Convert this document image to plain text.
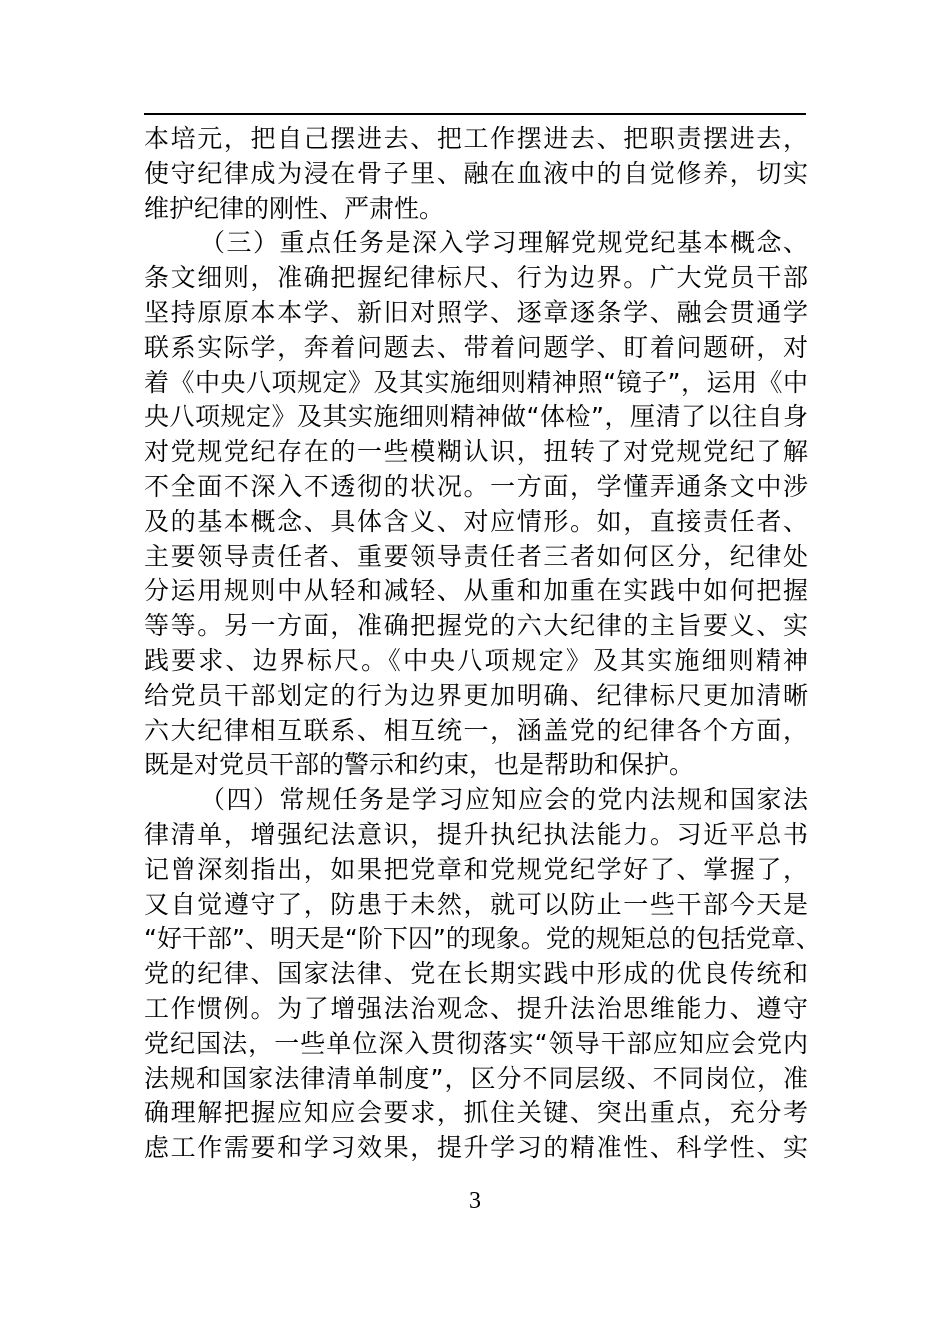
本培元，把自己摆进去、把工作摆进去、把职责摆进去，
使守纪律成为浸在骨子里、融在血液中的自觉修养，切实
维护纪律的刚性、严肃性。
（三）重点任务是深入学习理解党规党纪基本概念、
条文细则，准确把握纪律标尺、行为边界。广大党员干部
坚持原原本本学、新旧对照学、逐章逐条学、融会贯通学
联系实际学，奔着问题去、带着问题学、盯着问题研，对
着《中央八项规定》及其实施细则精神照“镜子”，运用《中
央八项规定》及其实施细则精神做“体检”，厘清了以往自身
对党规党纪存在的一些模糊认识，扭转了对党规党纪了解
不全面不深入不透彻的状况。一方面，学懂弄通条文中涉
及的基本概念、具体含义、对应情形。如，直接责任者、
主要领导责任者、重要领导责任者三者如何区分，纪律处
分运用规则中从轻和减轻、从重和加重在实践中如何把握
等等。另一方面，准确把握党的六大纪律的主旨要义、实
践要求、边界标尺。《中央八项规定》及其实施细则精神
给党员干部划定的行为边界更加明确、纪律标尺更加清晰
六大纪律相互联系、相互统一，涵盖党的纪律各个方面，
既是对党员干部的警示和约束，也是帮助和保护。
（四）常规任务是学习应知应会的党内法规和国家法
律清单，增强纪法意识，提升执纪执法能力。习近平总书
记曾深刻指出，如果把党章和党规党纪学好了、掌握了，
又自觉遵守了，防患于未然，就可以防止一些干部今天是
“好干部”、明天是“阶下囚”的现象。党的规矩总的包括党章、
党的纪律、国家法律、党在长期实践中形成的优良传统和
工作惯例。为了增强法治观念、提升法治思维能力、遵守
党纪国法，一些单位深入贯彻落实“领导干部应知应会党内
法规和国家法律清单制度”，区分不同层级、不同岗位，准
确理解把握应知应会要求，抓住关键、突出重点，充分考
虑工作需要和学习效果，提升学习的精准性、科学性、实
3
